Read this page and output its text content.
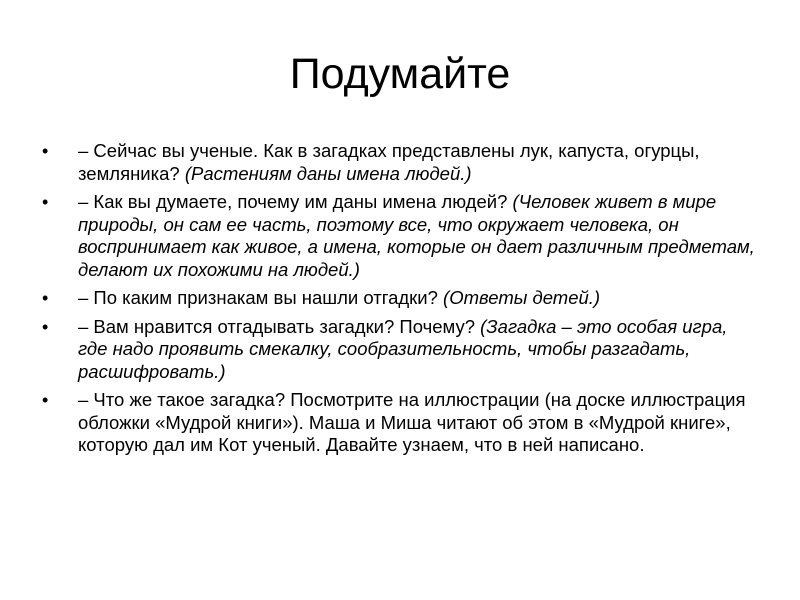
Подумайте
• – Сейчас вы ученые. Как в загадках представлены лук, капуста, огурцы, земляника? (Растениям даны имена людей.)
• – Как вы думаете, почему им даны имена людей? (Человек живет в мире природы, он сам ее часть, поэтому все, что окружает человека, он воспринимает как живое, а имена, которые он дает различным предметам, делают их похожими на людей.)
• – По каким признакам вы нашли отгадки? (Ответы детей.)
• – Вам нравится отгадывать загадки? Почему? (Загадка – это особая игра, где надо проявить смекалку, сообразительность, чтобы разгадать, расшифровать.)
• – Что же такое загадка? Посмотрите на иллюстрации (на доске иллюстрация обложки «Мудрой книги»). Маша и Миша читают об этом в «Мудрой книге», которую дал им Кот ученый. Давайте узнаем, что в ней написано.
